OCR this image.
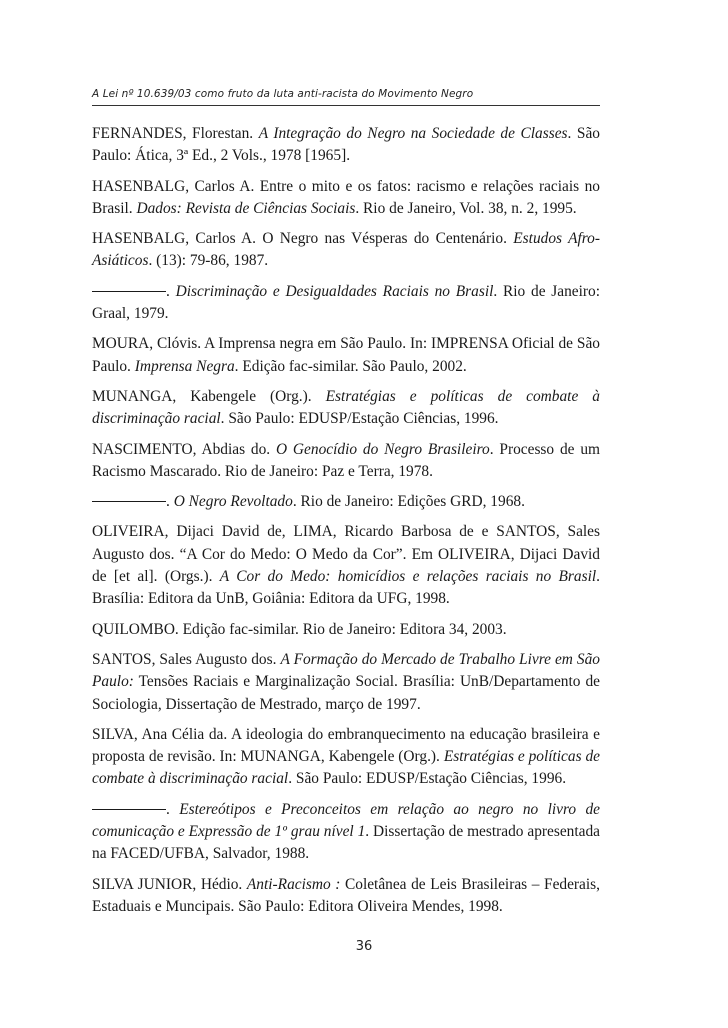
A Lei nº 10.639/03 como fruto da luta anti-racista do Movimento Negro

FERNANDES, Florestan. A Integração do Negro na Sociedade de Classes. São Paulo: Ática, 3ª Ed., 2 Vols., 1978 [1965].

HASENBALG, Carlos A. Entre o mito e os fatos: racismo e relações raciais no Brasil. Dados: Revista de Ciências Sociais. Rio de Janeiro, Vol. 38, n. 2, 1995.

HASENBALG, Carlos A. O Negro nas Vésperas do Centenário. Estudos Afro-Asiáticos. (13): 79-86, 1987.

. Discriminação e Desigualdades Raciais no Brasil. Rio de Janeiro: Graal, 1979.

MOURA, Clóvis. A Imprensa negra em São Paulo. In: IMPRENSA Oficial de São Paulo. Imprensa Negra. Edição fac-similar. São Paulo, 2002.

MUNANGA, Kabengele (Org.). Estratégias e políticas de combate à discriminação racial. São Paulo: EDUSP/Estação Ciências, 1996.

NASCIMENTO, Abdias do. O Genocídio do Negro Brasileiro. Processo de um Racismo Mascarado. Rio de Janeiro: Paz e Terra, 1978.

. O Negro Revoltado. Rio de Janeiro: Edições GRD, 1968.

OLIVEIRA, Dijaci David de, LIMA, Ricardo Barbosa de e SANTOS, Sales Augusto dos. “A Cor do Medo: O Medo da Cor”. Em OLIVEIRA, Dijaci David de [et al]. (Orgs.). A Cor do Medo: homicídios e relações raciais no Brasil. Brasília: Editora da UnB, Goiânia: Editora da UFG, 1998.

QUILOMBO. Edição fac-similar. Rio de Janeiro: Editora 34, 2003.

SANTOS, Sales Augusto dos. A Formação do Mercado de Trabalho Livre em São Paulo: Tensões Raciais e Marginalização Social. Brasília: UnB/Departamento de Sociologia, Dissertação de Mestrado, março de 1997.

SILVA, Ana Célia da. A ideologia do embranquecimento na educação brasileira e proposta de revisão. In: MUNANGA, Kabengele (Org.). Estratégias e políticas de combate à discriminação racial. São Paulo: EDUSP/Estação Ciências, 1996.

. Estereótipos e Preconceitos em relação ao negro no livro de comunicação e Expressão de 1º grau nível 1. Dissertação de mestrado apresentada na FACED/UFBA, Salvador, 1988.

SILVA JUNIOR, Hédio. Anti-Racismo : Coletânea de Leis Brasileiras – Federais, Estaduais e Muncipais. São Paulo: Editora Oliveira Mendes, 1998.

36
